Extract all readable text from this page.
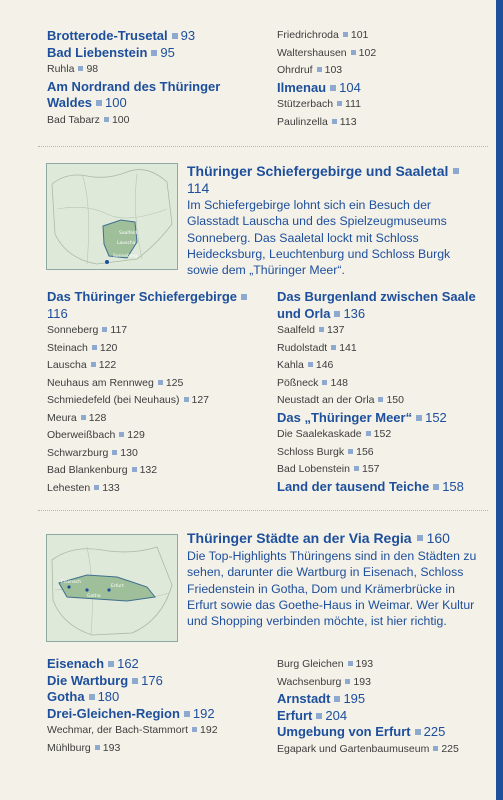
Brotterode-Trusetal 93
Bad Liebenstein 95
Ruhla 98
Am Nordrand des Thüringer Waldes 100
Bad Tabarz 100
Friedrichroda 101
Waltershausen 102
Ohrdruf 103
Ilmenau 104
Stützerbach 111
Paulinzella 113
Saalfeld
Sonneberg
Lauscha
Thüringer Schiefergebirge und Saaletal114
Im Schiefergebirge lohnt sich ein Besuch der Glasstadt Lauscha und des Spielzeugmuseums Sonneberg. Das Saaletal lockt mit Schloss Heidecksburg, Leuchtenburg und Schloss Burgk sowie dem „Thüringer Meer“.
Das Thüringer Schiefergebirge116
Sonneberg 117
Steinach 120
Lauscha 122
Neuhaus am Rennweg 125
Schmiedefeld (bei Neuhaus) 127
Meura 128
Oberweißbach 129
Schwarzburg 130
Bad Blankenburg 132
Lehesten 133
Das Burgenland zwischen Saale und Orla 136
Saalfeld 137
Rudolstadt 141
Kahla 146
Pößneck 148
Neustadt an der Orla 150
Das „Thüringer Meer“ 152
Die Saalekaskade 152
Schloss Burgk 156
Bad Lobenstein 157
Land der tausend Teiche 158
Eisenach
Erfurt
Gotha
Thüringer Städte an der Via Regia 160
Die Top-Highlights Thüringens sind in den Städten zu sehen, darunter die Wartburg in Eisenach, Schloss Friedenstein in Gotha, Dom und Krämerbrücke in Erfurt sowie das Goethe-Haus in Weimar. Wer Kultur und Shopping verbinden möchte, ist hier richtig.
Eisenach 162
Die Wartburg 176
Gotha 180
Drei-Gleichen-Region 192
Wechmar, der Bach-Stammort 192
Mühlburg 193
Burg Gleichen 193
Wachsenburg 193
Arnstadt 195
Erfurt 204
Umgebung von Erfurt 225
Egapark und Gartenbaumuseum 225
